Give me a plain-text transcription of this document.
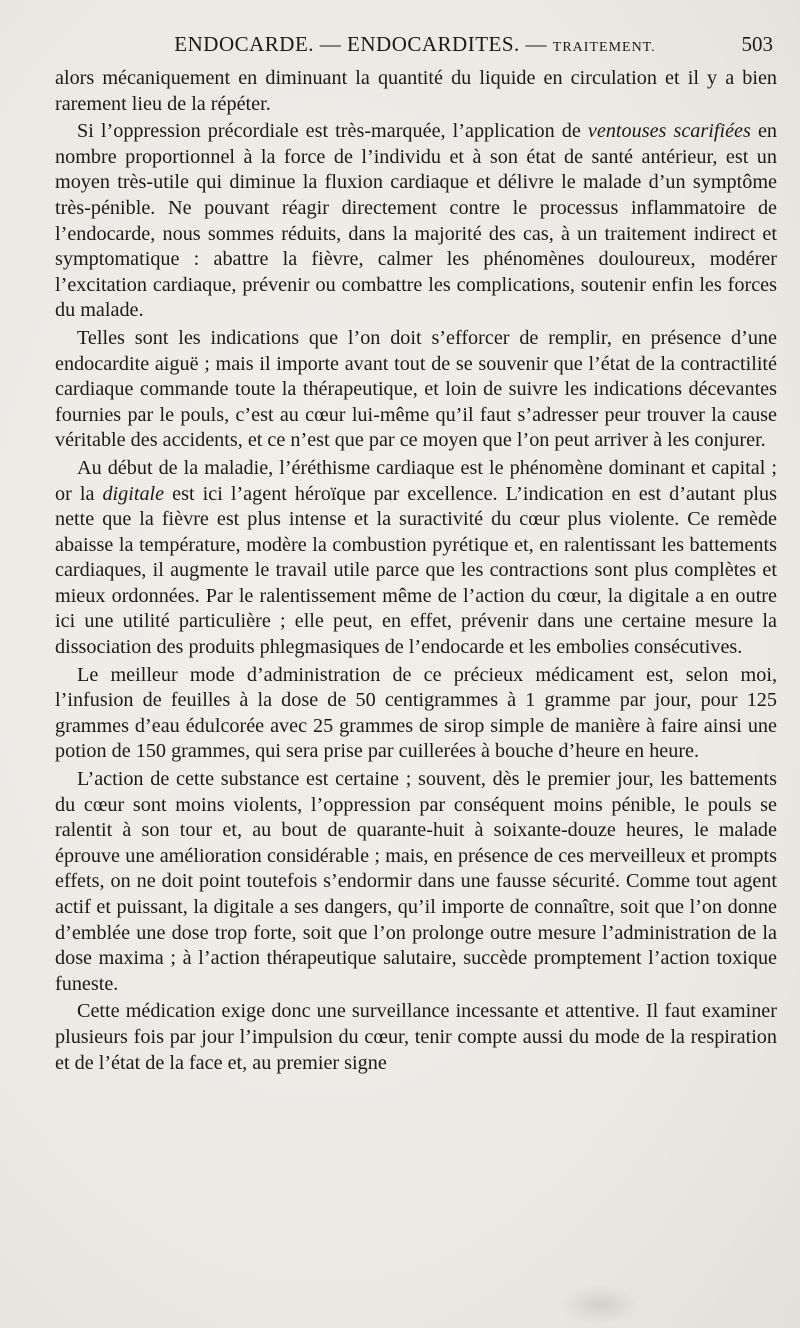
ENDOCARDE. — ENDOCARDITES. — TRAITEMENT.	503

alors mécaniquement en diminuant la quantité du liquide en circulation et il y a bien rarement lieu de la répéter.

Si l’oppression précordiale est très-marquée, l’application de ventouses scarifiées en nombre proportionnel à la force de l’individu et à son état de santé antérieur, est un moyen très-utile qui diminue la fluxion cardiaque et délivre le malade d’un symptôme très-pénible. Ne pouvant réagir directement contre le processus inflammatoire de l’endocarde, nous sommes réduits, dans la majorité des cas, à un traitement indirect et symptomatique : abattre la fièvre, calmer les phénomènes douloureux, modérer l’excitation cardiaque, prévenir ou combattre les complications, soutenir enfin les forces du malade.

Telles sont les indications que l’on doit s’efforcer de remplir, en présence d’une endocardite aiguë ; mais il importe avant tout de se souvenir que l’état de la contractilité cardiaque commande toute la thérapeutique, et loin de suivre les indications décevantes fournies par le pouls, c’est au cœur lui-même qu’il faut s’adresser peur trouver la cause véritable des accidents, et ce n’est que par ce moyen que l’on peut arriver à les conjurer.

Au début de la maladie, l’éréthisme cardiaque est le phénomène dominant et capital ; or la digitale est ici l’agent héroïque par excellence. L’indication en est d’autant plus nette que la fièvre est plus intense et la suractivité du cœur plus violente. Ce remède abaisse la température, modère la combustion pyrétique et, en ralentissant les battements cardiaques, il augmente le travail utile parce que les contractions sont plus complètes et mieux ordonnées. Par le ralentissement même de l’action du cœur, la digitale a en outre ici une utilité particulière ; elle peut, en effet, prévenir dans une certaine mesure la dissociation des produits phlegmasiques de l’endocarde et les embolies consécutives.

Le meilleur mode d’administration de ce précieux médicament est, selon moi, l’infusion de feuilles à la dose de 50 centigrammes à 1 gramme par jour, pour 125 grammes d’eau édulcorée avec 25 grammes de sirop simple de manière à faire ainsi une potion de 150 grammes, qui sera prise par cuillerées à bouche d’heure en heure.

L’action de cette substance est certaine ; souvent, dès le premier jour, les battements du cœur sont moins violents, l’oppression par conséquent moins pénible, le pouls se ralentit à son tour et, au bout de quarante-huit à soixante-douze heures, le malade éprouve une amélioration considérable ; mais, en présence de ces merveilleux et prompts effets, on ne doit point toutefois s’endormir dans une fausse sécurité. Comme tout agent actif et puissant, la digitale a ses dangers, qu’il importe de connaître, soit que l’on donne d’emblée une dose trop forte, soit que l’on prolonge outre mesure l’administration de la dose maxima ; à l’action thérapeutique salutaire, succède promptement l’action toxique funeste.

Cette médication exige donc une surveillance incessante et attentive. Il faut examiner plusieurs fois par jour l’impulsion du cœur, tenir compte aussi du mode de la respiration et de l’état de la face et, au premier signe
